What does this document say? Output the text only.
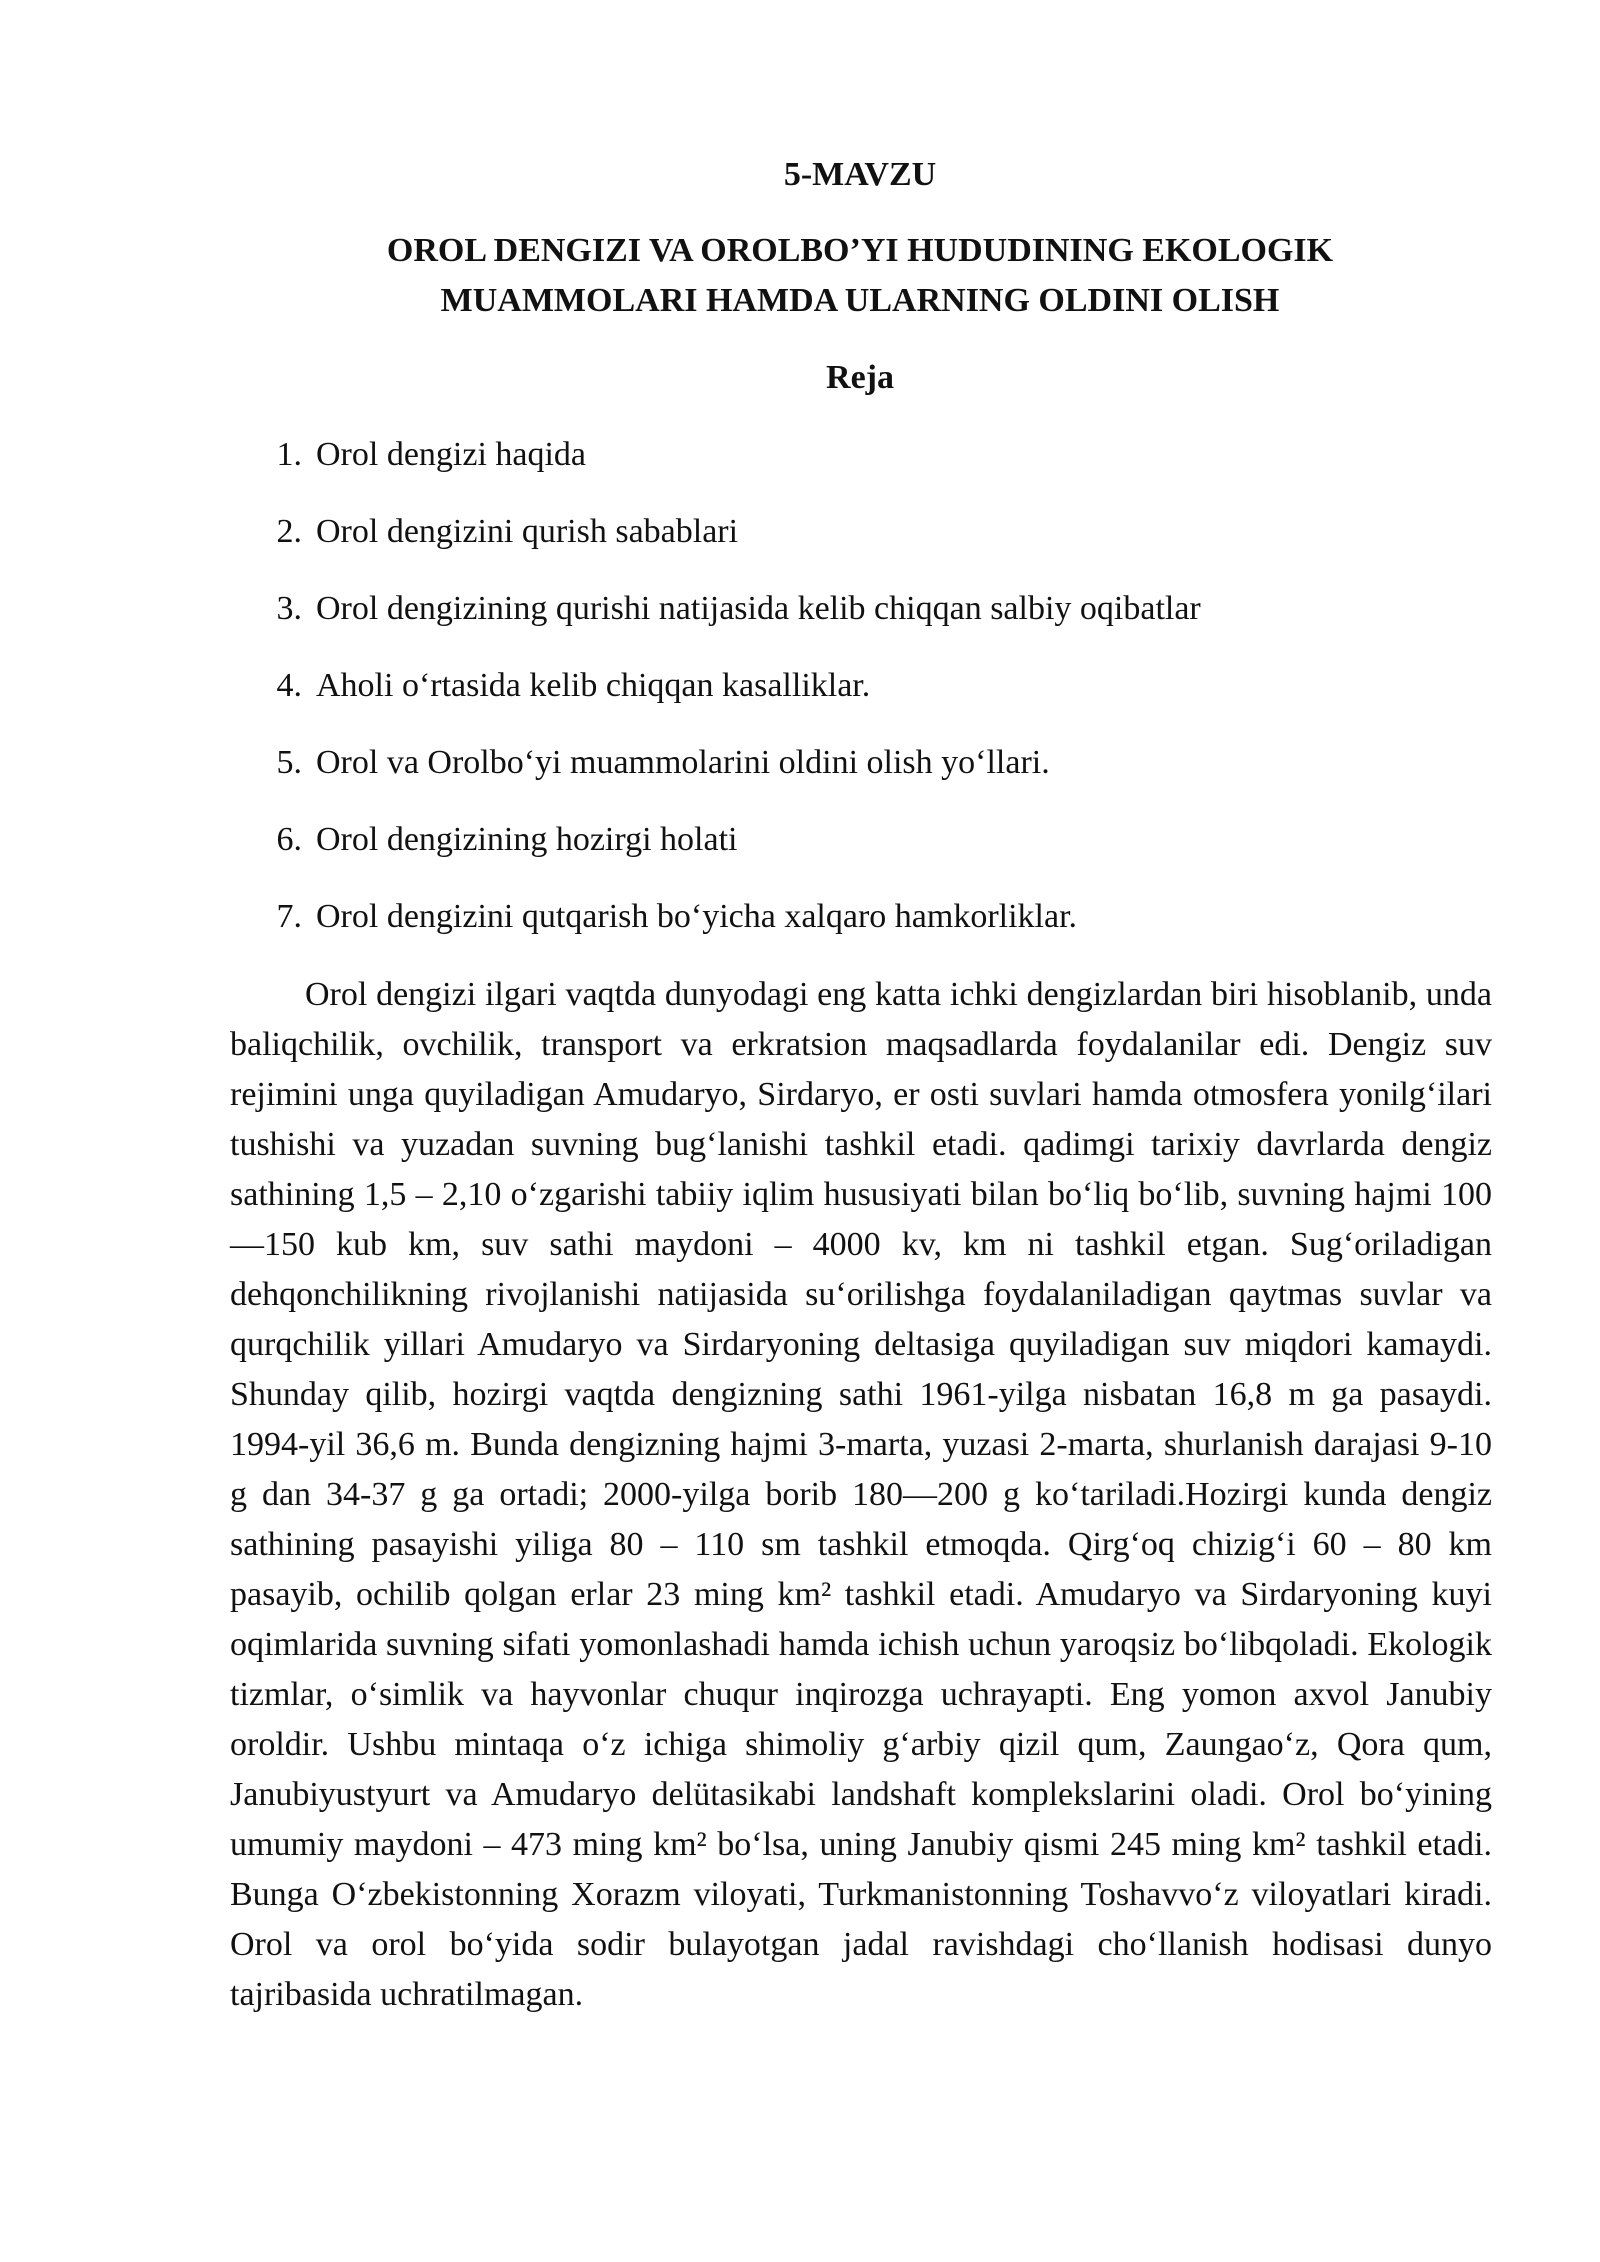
5-MAVZU
OROL DENGIZI VA OROLBO’YI HUDUDINING EKOLOGIK
MUAMMOLARI HAMDA ULARNING OLDINI OLISH
Reja
1. Orol dengizi haqida
2. Orol dengizini qurish sabablari
3. Orol dengizining qurishi natijasida kelib chiqqan salbiy oqibatlar
4. Aholi o‘rtasida kelib chiqqan kasalliklar.
5. Orol va Orolbo‘yi muammolarini oldini olish yo‘llari.
6. Orol dengizining hozirgi holati
7. Orol dengizini qutqarish bo‘yicha xalqaro hamkorliklar.

Orol dengizi ilgari vaqtda dunyodagi eng katta ichki dengizlardan biri hisoblanib, unda baliqchilik, ovchilik, transport va erkratsion maqsadlarda foydalanilar edi. Dengiz suv rejimini unga quyiladigan Amudaryo, Sirdaryo, er osti suvlari hamda otmosfera yonilg‘ilari tushishi va yuzadan suvning bug‘lanishi tashkil etadi. qadimgi tarixiy davrlarda dengiz sathining 1,5 – 2,10 o‘zgarishi tabiiy iqlim hususiyati bilan bo‘liq bo‘lib, suvning hajmi 100—150 kub km, suv sathi maydoni – 4000 kv, km ni tashkil etgan. Sug‘oriladigan dehqonchilikning rivojlanishi natijasida su‘orilishga foydalaniladigan qaytmas suvlar va qurqchilik yillari Amudaryo va Sirdaryoning deltasiga quyiladigan suv miqdori kamaydi. Shunday qilib, hozirgi vaqtda dengizning sathi 1961-yilga nisbatan 16,8 m ga pasaydi. 1994-yil 36,6 m. Bunda dengizning hajmi 3-marta, yuzasi 2-marta, shurlanish darajasi 9-10 g dan 34-37 g ga ortadi; 2000-yilga borib 180—200 g ko‘tariladi.Hozirgi kunda dengiz sathining pasayishi yiliga 80 – 110 sm tashkil etmoqda. Qirg‘oq chizig‘i 60 – 80 km pasayib, ochilib qolgan erlar 23 ming km² tashkil etadi. Amudaryo va Sirdaryoning kuyi oqimlarida suvning sifati yomonlashadi hamda ichish uchun yaroqsiz bo‘libqoladi. Ekologik tizmlar, o‘simlik va hayvonlar chuqur inqirozga uchrayapti. Eng yomon axvol Janubiy oroldir. Ushbu mintaqa o‘z ichiga shimoliy g‘arbiy qizil qum, Zaungao‘z, Qora qum, Janubiyustyurt va Amudaryo delütasikabi landshaft komplekslarini oladi. Orol bo‘yining umumiy maydoni – 473 ming km² bo‘lsa, uning Janubiy qismi 245 ming km² tashkil etadi. Bunga O‘zbekistonning Xorazm viloyati, Turkmanistonning Toshavvo‘z viloyatlari kiradi. Orol va orol bo‘yida sodir bulayotgan jadal ravishdagi cho‘llanish hodisasi dunyo tajribasida uchratilmagan.
